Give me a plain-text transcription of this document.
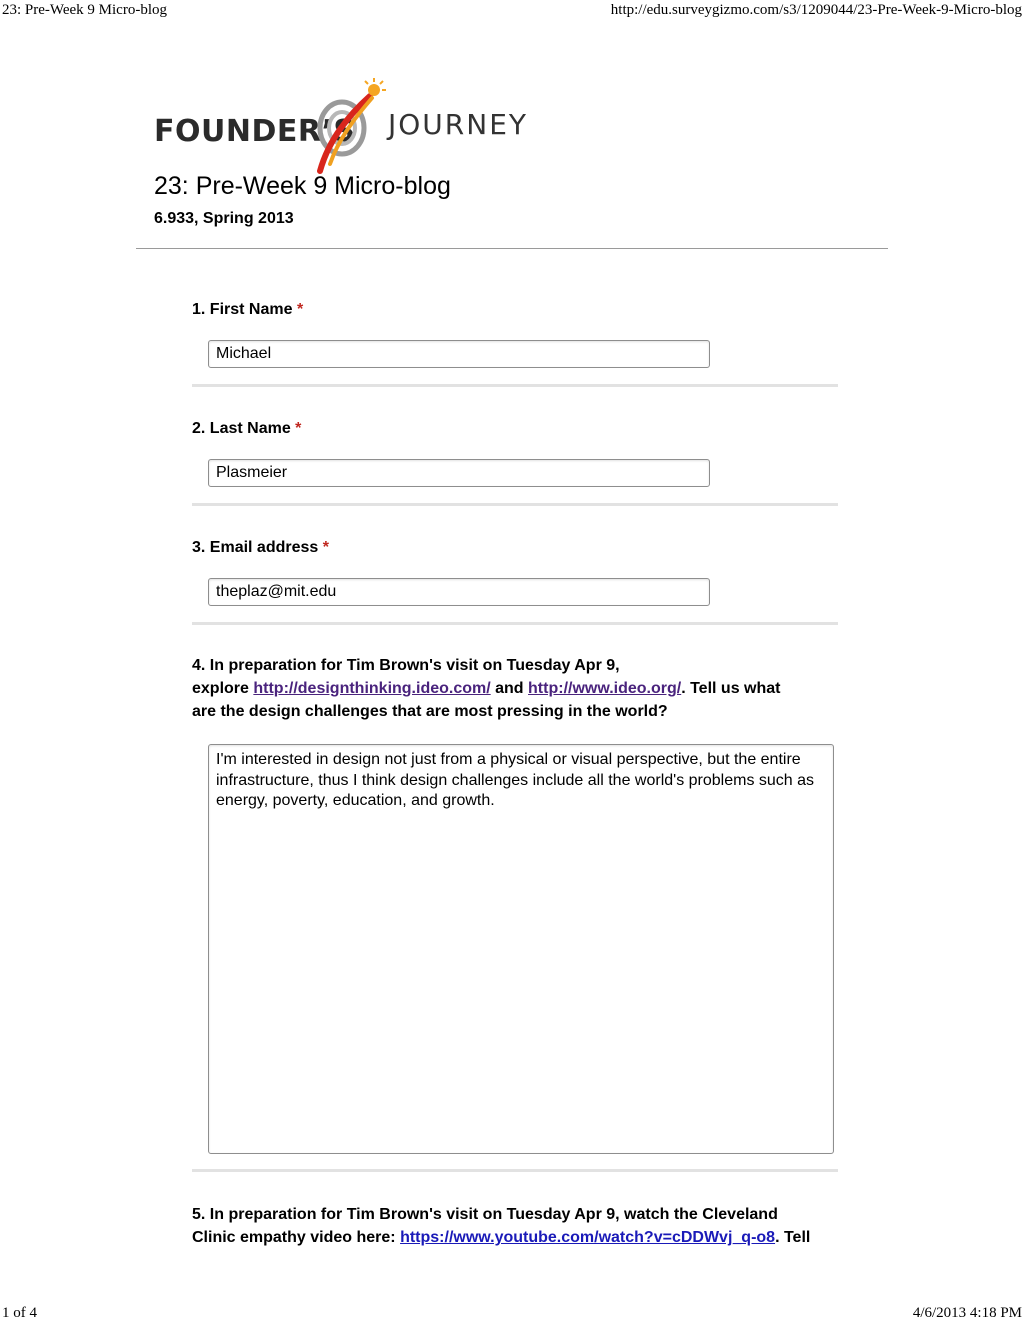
23: Pre-Week 9 Micro-blog	http://edu.surveygizmo.com/s3/1209044/23-Pre-Week-9-Micro-blog
FOUNDER’S JOURNEY
23: Pre-Week 9 Micro-blog
6.933, Spring 2013
1. First Name *
Michael
2. Last Name *
Plasmeier
3. Email address *
theplaz@mit.edu
4. In preparation for Tim Brown's visit on Tuesday Apr 9,
explore http://designthinking.ideo.com/ and http://www.ideo.org/. Tell us what
are the design challenges that are most pressing in the world?
I'm interested in design not just from a physical or visual perspective, but the entire infrastructure, thus I think design challenges include all the world's problems such as energy, poverty, education, and growth.
5. In preparation for Tim Brown's visit on Tuesday Apr 9, watch the Cleveland
Clinic empathy video here: https://www.youtube.com/watch?v=cDDWvj_q-o8. Tell
1 of 4	4/6/2013 4:18 PM
